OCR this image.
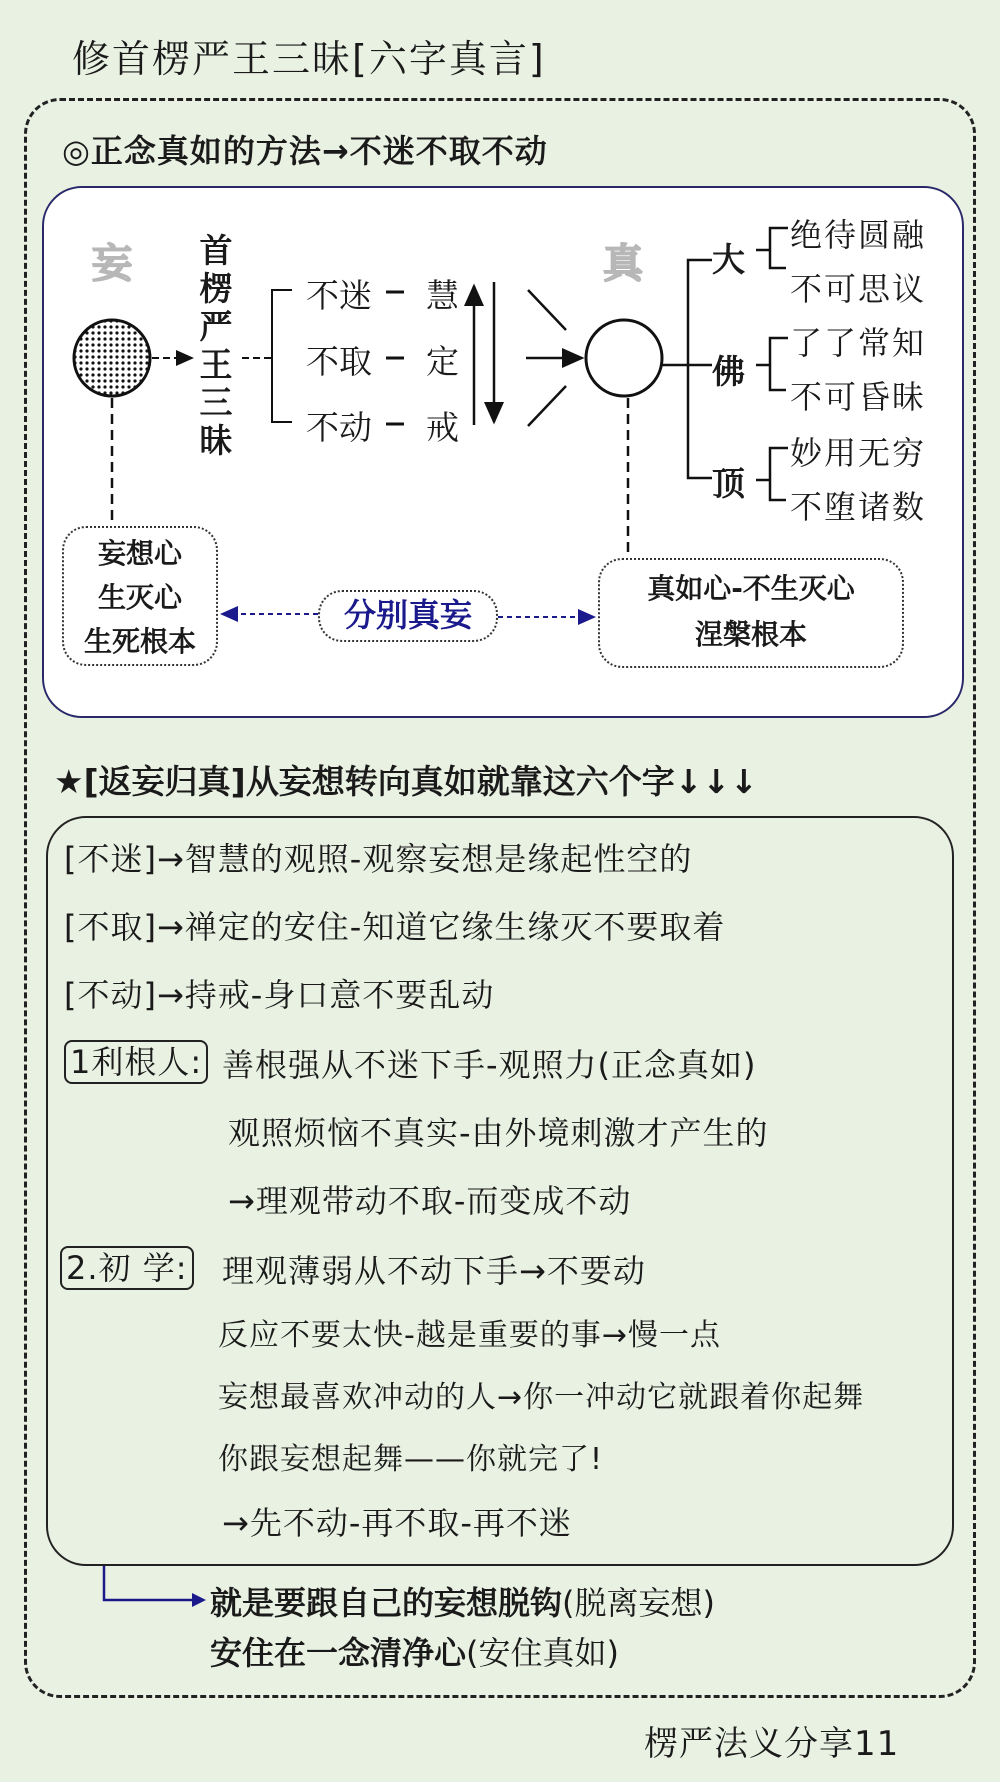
修首楞严王三昧[六字真言]
◎正念真如的方法→不迷不取不动
妄	真
首
楞
严
王
三
昧
不迷 慧
不取 定
不动 戒
大
绝待圆融
不可思议
佛
了了常知
不可昏昧
顶
妙用无穷
不堕诸数
妄想心
生灭心
生死根本
分别真妄
真如心-不生灭心
涅槃根本
★[返妄归真]从妄想转向真如就靠这六个字↓↓↓
[不迷]→智慧的观照-观察妄想是缘起性空的
[不取]→禅定的安住-知道它缘生缘灭不要取着
[不动]→持戒-身口意不要乱动
1利根人: 善根强从不迷下手-观照力(正念真如)
观照烦恼不真实-由外境刺激才产生的
→理观带动不取-而变成不动
2.初 学: 理观薄弱从不动下手→不要动
反应不要太快-越是重要的事→慢一点
妄想最喜欢冲动的人→你一冲动它就跟着你起舞
你跟妄想起舞——你就完了!
→先不动-再不取-再不迷
就是要跟自己的妄想脱钩(脱离妄想)
安住在一念清净心(安住真如)
楞严法义分享11
